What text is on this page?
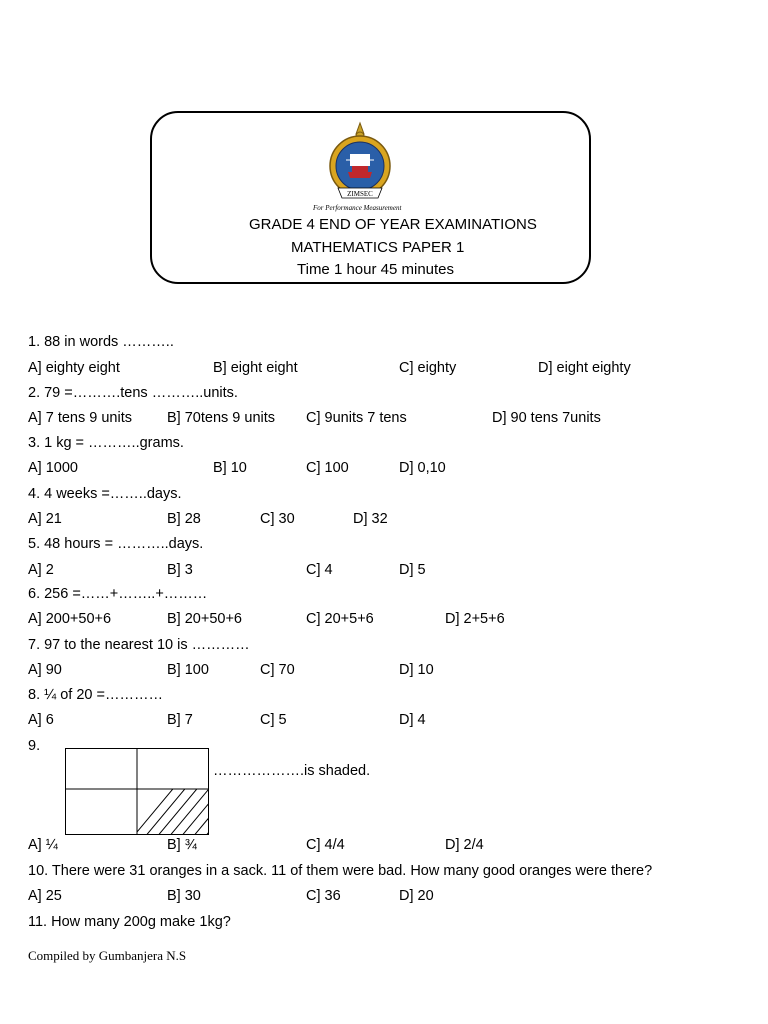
ZIMSEC
For Performance Measurement
GRADE 4 END OF YEAR EXAMINATIONS
MATHEMATICS PAPER 1
Time 1 hour 45 minutes
1. 88 in words ………..
A] eighty eight	B] eight eight	C] eighty	D] eight eighty
2. 79 =……….tens ………..units.
A] 7 tens 9 units B] 70tens 9 units C] 9units 7 tens	D] 90 tens 7units
3. 1 kg = ………..grams.
A] 1000	B] 10	C] 100	D] 0,10
4. 4 weeks =……..days.
A] 21	B] 28	C] 30	D] 32
5. 48 hours = ………..days.
A] 2	B] 3	C] 4	D] 5
6. 256 =……+……..+………
A] 200+50+6	B] 20+50+6	C] 20+5+6	D] 2+5+6
7. 97 to the nearest 10 is …………
A] 90	B] 100	C] 70	D] 10
8. ¼ of 20 =…………
A] 6	B] 7	C] 5	D] 4
9.
……………….is shaded.
A] ¼	B] ¾	C] 4/4	D] 2/4
10. There were 31 oranges in a sack. 11 of them were bad. How many good oranges were there?
A] 25	B] 30	C] 36	D] 20
11. How many 200g make 1kg?
Compiled by Gumbanjera N.S
